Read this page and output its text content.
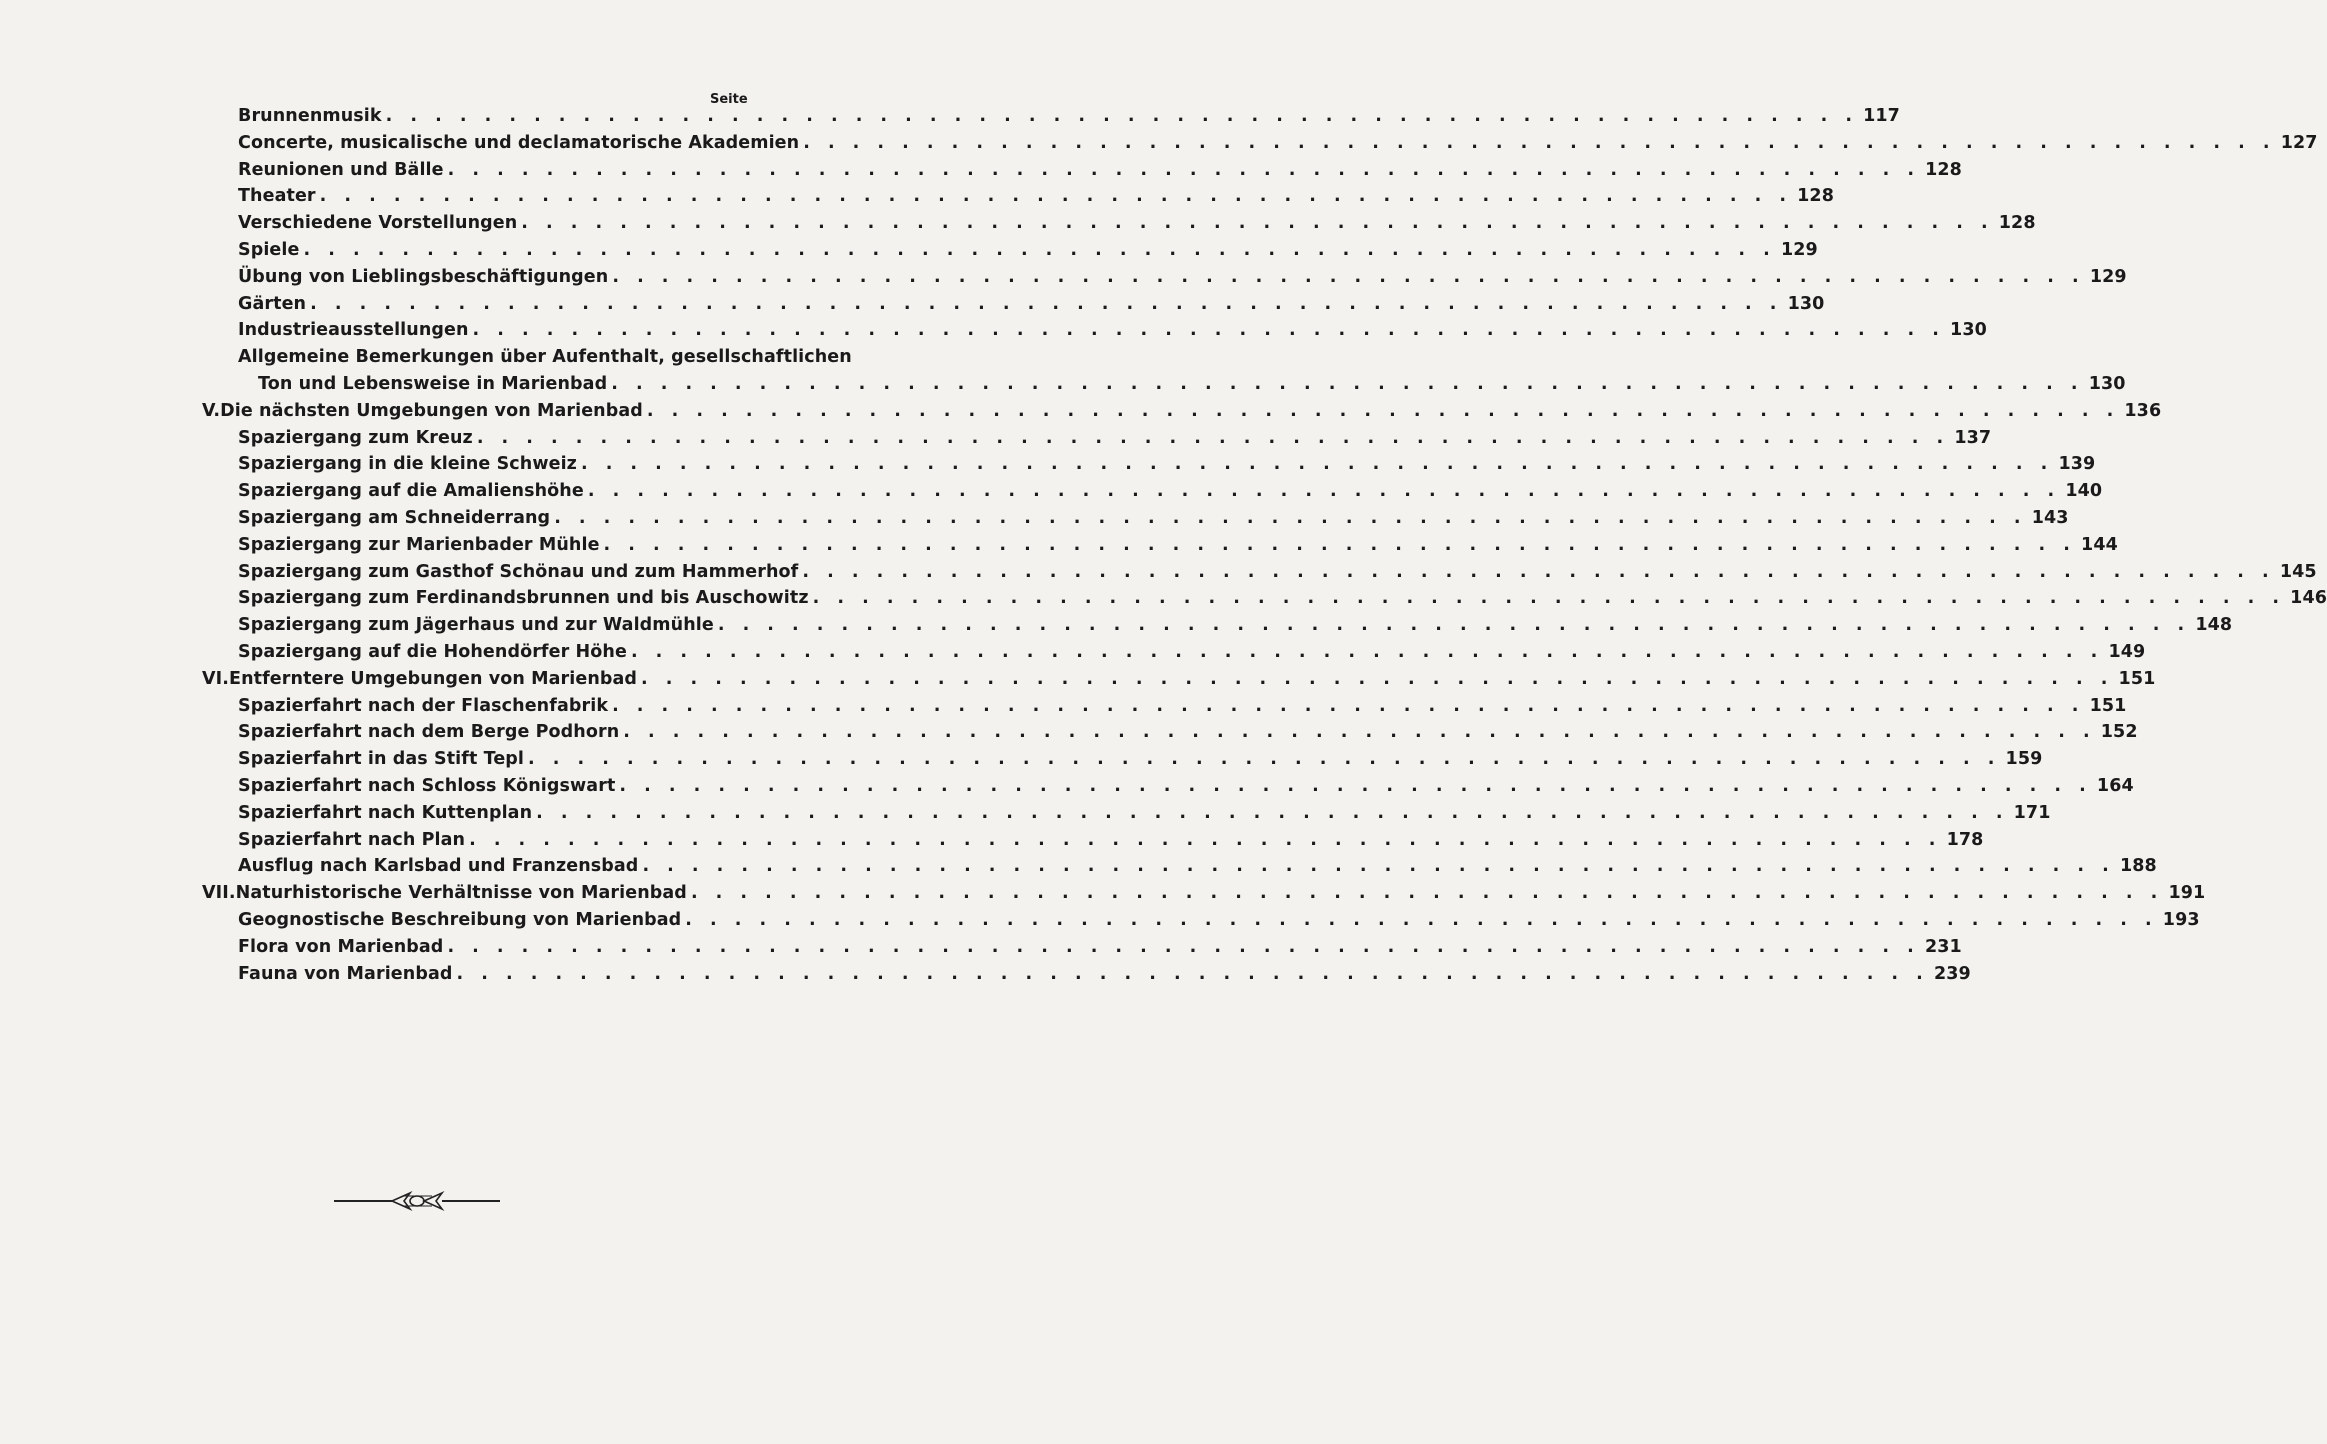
Seite
Brunnenmusik . . . . . . . . . . . . . . . . . . . . . . . . . . . . . . . . . . . . . . . . . . . . . . . . . . . . . . . . . . . . 117
Concerte, musicalische und declamatorische Akademien . . . . . . . . . . . . . . . . . . . . . . . . . . . . . . . . . . . . . . . . . . . . . . . . . . . . . . . . . . . . 127
Reunionen und Bälle . . . . . . . . . . . . . . . . . . . . . . . . . . . . . . . . . . . . . . . . . . . . . . . . . . . . . . . . . . . . 128
Theater . . . . . . . . . . . . . . . . . . . . . . . . . . . . . . . . . . . . . . . . . . . . . . . . . . . . . . . . . . . . 128
Verschiedene Vorstellungen . . . . . . . . . . . . . . . . . . . . . . . . . . . . . . . . . . . . . . . . . . . . . . . . . . . . . . . . . . . . 128
Spiele . . . . . . . . . . . . . . . . . . . . . . . . . . . . . . . . . . . . . . . . . . . . . . . . . . . . . . . . . . . . 129
Übung von Lieblingsbeschäftigungen . . . . . . . . . . . . . . . . . . . . . . . . . . . . . . . . . . . . . . . . . . . . . . . . . . . . . . . . . . . . 129
Gärten . . . . . . . . . . . . . . . . . . . . . . . . . . . . . . . . . . . . . . . . . . . . . . . . . . . . . . . . . . . . 130
Industrieausstellungen . . . . . . . . . . . . . . . . . . . . . . . . . . . . . . . . . . . . . . . . . . . . . . . . . . . . . . . . . . . . 130
Allgemeine Bemerkungen über Aufenthalt, gesellschaftlichen
Ton und Lebensweise in Marienbad . . . . . . . . . . . . . . . . . . . . . . . . . . . . . . . . . . . . . . . . . . . . . . . . . . . . . . . . . . . . 130
V. Die nächsten Umgebungen von Marienbad . . . . . . . . . . . . . . . . . . . . . . . . . . . . . . . . . . . . . . . . . . . . . . . . . . . . . . . . . . . . 136
Spaziergang zum Kreuz . . . . . . . . . . . . . . . . . . . . . . . . . . . . . . . . . . . . . . . . . . . . . . . . . . . . . . . . . . . . 137
Spaziergang in die kleine Schweiz . . . . . . . . . . . . . . . . . . . . . . . . . . . . . . . . . . . . . . . . . . . . . . . . . . . . . . . . . . . . 139
Spaziergang auf die Amalienshöhe . . . . . . . . . . . . . . . . . . . . . . . . . . . . . . . . . . . . . . . . . . . . . . . . . . . . . . . . . . . . 140
Spaziergang am Schneiderrang . . . . . . . . . . . . . . . . . . . . . . . . . . . . . . . . . . . . . . . . . . . . . . . . . . . . . . . . . . . . 143
Spaziergang zur Marienbader Mühle . . . . . . . . . . . . . . . . . . . . . . . . . . . . . . . . . . . . . . . . . . . . . . . . . . . . . . . . . . . . 144
Spaziergang zum Gasthof Schönau und zum Hammerhof . . . . . . . . . . . . . . . . . . . . . . . . . . . . . . . . . . . . . . . . . . . . . . . . . . . . . . . . . . . . 145
Spaziergang zum Ferdinandsbrunnen und bis Auschowitz . . . . . . . . . . . . . . . . . . . . . . . . . . . . . . . . . . . . . . . . . . . . . . . . . . . . . . . . . . . . 146
Spaziergang zum Jägerhaus und zur Waldmühle . . . . . . . . . . . . . . . . . . . . . . . . . . . . . . . . . . . . . . . . . . . . . . . . . . . . . . . . . . . . 148
Spaziergang auf die Hohendörfer Höhe . . . . . . . . . . . . . . . . . . . . . . . . . . . . . . . . . . . . . . . . . . . . . . . . . . . . . . . . . . . . 149
VI. Entferntere Umgebungen von Marienbad . . . . . . . . . . . . . . . . . . . . . . . . . . . . . . . . . . . . . . . . . . . . . . . . . . . . . . . . . . . . 151
Spazierfahrt nach der Flaschenfabrik . . . . . . . . . . . . . . . . . . . . . . . . . . . . . . . . . . . . . . . . . . . . . . . . . . . . . . . . . . . . 151
Spazierfahrt nach dem Berge Podhorn . . . . . . . . . . . . . . . . . . . . . . . . . . . . . . . . . . . . . . . . . . . . . . . . . . . . . . . . . . . . 152
Spazierfahrt in das Stift Tepl . . . . . . . . . . . . . . . . . . . . . . . . . . . . . . . . . . . . . . . . . . . . . . . . . . . . . . . . . . . . 159
Spazierfahrt nach Schloss Königswart . . . . . . . . . . . . . . . . . . . . . . . . . . . . . . . . . . . . . . . . . . . . . . . . . . . . . . . . . . . . 164
Spazierfahrt nach Kuttenplan . . . . . . . . . . . . . . . . . . . . . . . . . . . . . . . . . . . . . . . . . . . . . . . . . . . . . . . . . . . . 171
Spazierfahrt nach Plan . . . . . . . . . . . . . . . . . . . . . . . . . . . . . . . . . . . . . . . . . . . . . . . . . . . . . . . . . . . . 178
Ausflug nach Karlsbad und Franzensbad . . . . . . . . . . . . . . . . . . . . . . . . . . . . . . . . . . . . . . . . . . . . . . . . . . . . . . . . . . . . 188
VII. Naturhistorische Verhältnisse von Marienbad . . . . . . . . . . . . . . . . . . . . . . . . . . . . . . . . . . . . . . . . . . . . . . . . . . . . . . . . . . . . 191
Geognostische Beschreibung von Marienbad . . . . . . . . . . . . . . . . . . . . . . . . . . . . . . . . . . . . . . . . . . . . . . . . . . . . . . . . . . . . 193
Flora von Marienbad . . . . . . . . . . . . . . . . . . . . . . . . . . . . . . . . . . . . . . . . . . . . . . . . . . . . . . . . . . . . 231
Fauna von Marienbad . . . . . . . . . . . . . . . . . . . . . . . . . . . . . . . . . . . . . . . . . . . . . . . . . . . . . . . . . . . . 239
